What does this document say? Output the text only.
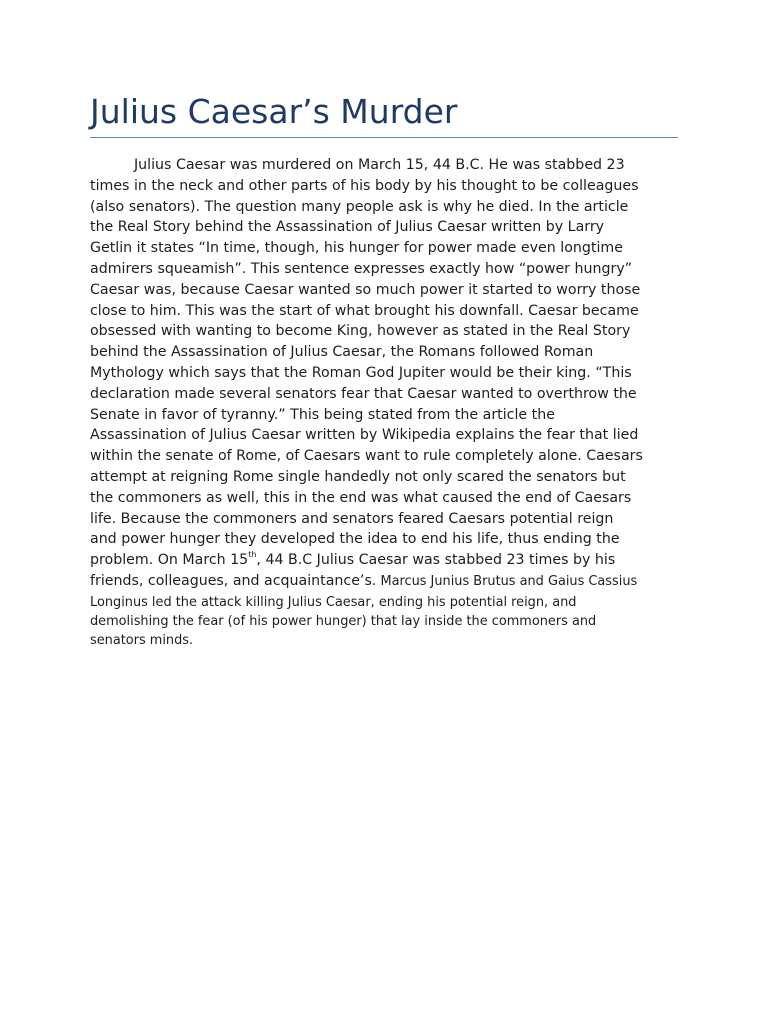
Julius Caesar’s Murder
Julius Caesar was murdered on March 15, 44 B.C. He was stabbed 23
times in the neck and other parts of his body by his thought to be colleagues
(also senators). The question many people ask is why he died. In the article
the Real Story behind the Assassination of Julius Caesar written by Larry
Getlin it states “In time, though, his hunger for power made even longtime
admirers squeamish”. This sentence expresses exactly how “power hungry”
Caesar was, because Caesar wanted so much power it started to worry those
close to him. This was the start of what brought his downfall. Caesar became
obsessed with wanting to become King, however as stated in the Real Story
behind the Assassination of Julius Caesar, the Romans followed Roman
Mythology which says that the Roman God Jupiter would be their king. “This
declaration made several senators fear that Caesar wanted to overthrow the
Senate in favor of tyranny.” This being stated from the article the
Assassination of Julius Caesar written by Wikipedia explains the fear that lied
within the senate of Rome, of Caesars want to rule completely alone. Caesars
attempt at reigning Rome single handedly not only scared the senators but
the commoners as well, this in the end was what caused the end of Caesars
life. Because the commoners and senators feared Caesars potential reign
and power hunger they developed the idea to end his life, thus ending the
problem. On March 15th, 44 B.C Julius Caesar was stabbed 23 times by his
friends, colleagues, and acquaintance’s. Marcus Junius Brutus and Gaius Cassius
Longinus led the attack killing Julius Caesar, ending his potential reign, and
demolishing the fear (of his power hunger) that lay inside the commoners and
senators minds.
